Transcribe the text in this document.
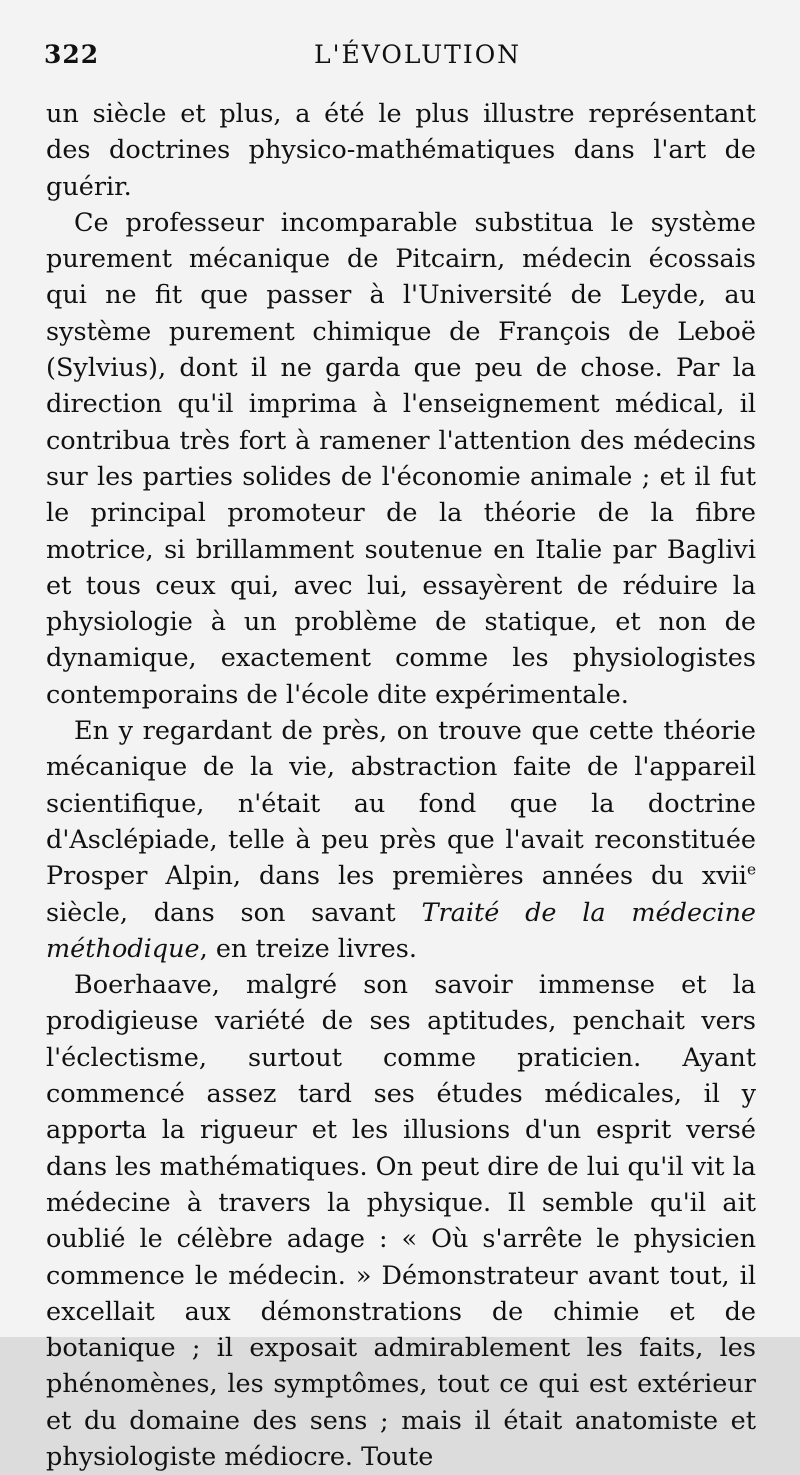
322	L'ÉVOLUTION

un siècle et plus, a été le plus illustre représentant des doctrines physico-mathématiques dans l'art de guérir.

Ce professeur incomparable substitua le système purement mécanique de Pitcairn, médecin écossais qui ne fit que passer à l'Université de Leyde, au système purement chimique de François de Leboë (Sylvius), dont il ne garda que peu de chose. Par la direction qu'il imprima à l'enseignement médical, il contribua très fort à ramener l'attention des médecins sur les parties solides de l'économie animale ; et il fut le principal promoteur de la théorie de la fibre motrice, si brillamment soutenue en Italie par Baglivi et tous ceux qui, avec lui, essayèrent de réduire la physiologie à un problème de statique, et non de dynamique, exactement comme les physiologistes contemporains de l'école dite expérimentale.

En y regardant de près, on trouve que cette théorie mécanique de la vie, abstraction faite de l'appareil scientifique, n'était au fond que la doctrine d'Asclépiade, telle à peu près que l'avait reconstituée Prosper Alpin, dans les premières années du xvii$^e$ siècle, dans son savant Traité de la médecine méthodique, en treize livres.

Boerhaave, malgré son savoir immense et la prodigieuse variété de ses aptitudes, penchait vers l'éclectisme, surtout comme praticien. Ayant commencé assez tard ses études médicales, il y apporta la rigueur et les illusions d'un esprit versé dans les mathématiques. On peut dire de lui qu'il vit la médecine à travers la physique. Il semble qu'il ait oublié le célèbre adage : « Où s'arrête le physicien commence le médecin. » Démonstrateur avant tout, il excellait aux démonstrations de chimie et de botanique ; il exposait admirablement les faits, les phénomènes, les symptômes, tout ce qui est extérieur et du domaine des sens ; mais il était anatomiste et physiologiste médiocre. Toute
